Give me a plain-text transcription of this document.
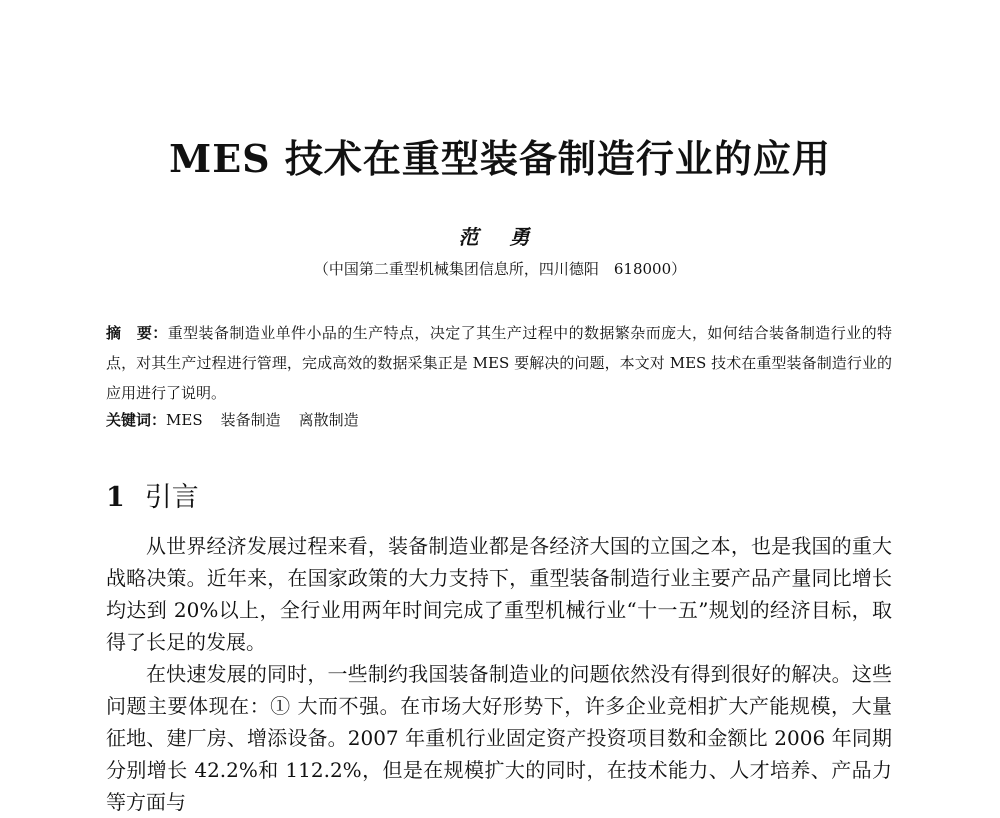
MES 技术在重型装备制造行业的应用
范 勇
（中国第二重型机械集团信息所，四川德阳　618000）
摘　要：重型装备制造业单件小品的生产特点，决定了其生产过程中的数据繁杂而庞大，如何结合装备制造行业的特点，对其生产过程进行管理，完成高效的数据采集正是 MES 要解决的问题，本文对 MES 技术在重型装备制造行业的应用进行了说明。
关键词：MES 装备制造 离散制造
1 引言

从世界经济发展过程来看，装备制造业都是各经济大国的立国之本，也是我国的重大战略决策。近年来，在国家政策的大力支持下，重型装备制造行业主要产品产量同比增长均达到 20%以上，全行业用两年时间完成了重型机械行业“十一五”规划的经济目标，取得了长足的发展。

在快速发展的同时，一些制约我国装备制造业的问题依然没有得到很好的解决。这些问题主要体现在：① 大而不强。在市场大好形势下，许多企业竞相扩大产能规模，大量征地、建厂房、增添设备。2007 年重机行业固定资产投资项目数和金额比 2006 年同期分别增长 42.2%和 112.2%，但是在规模扩大的同时，在技术能力、人才培养、产品力等方面与
